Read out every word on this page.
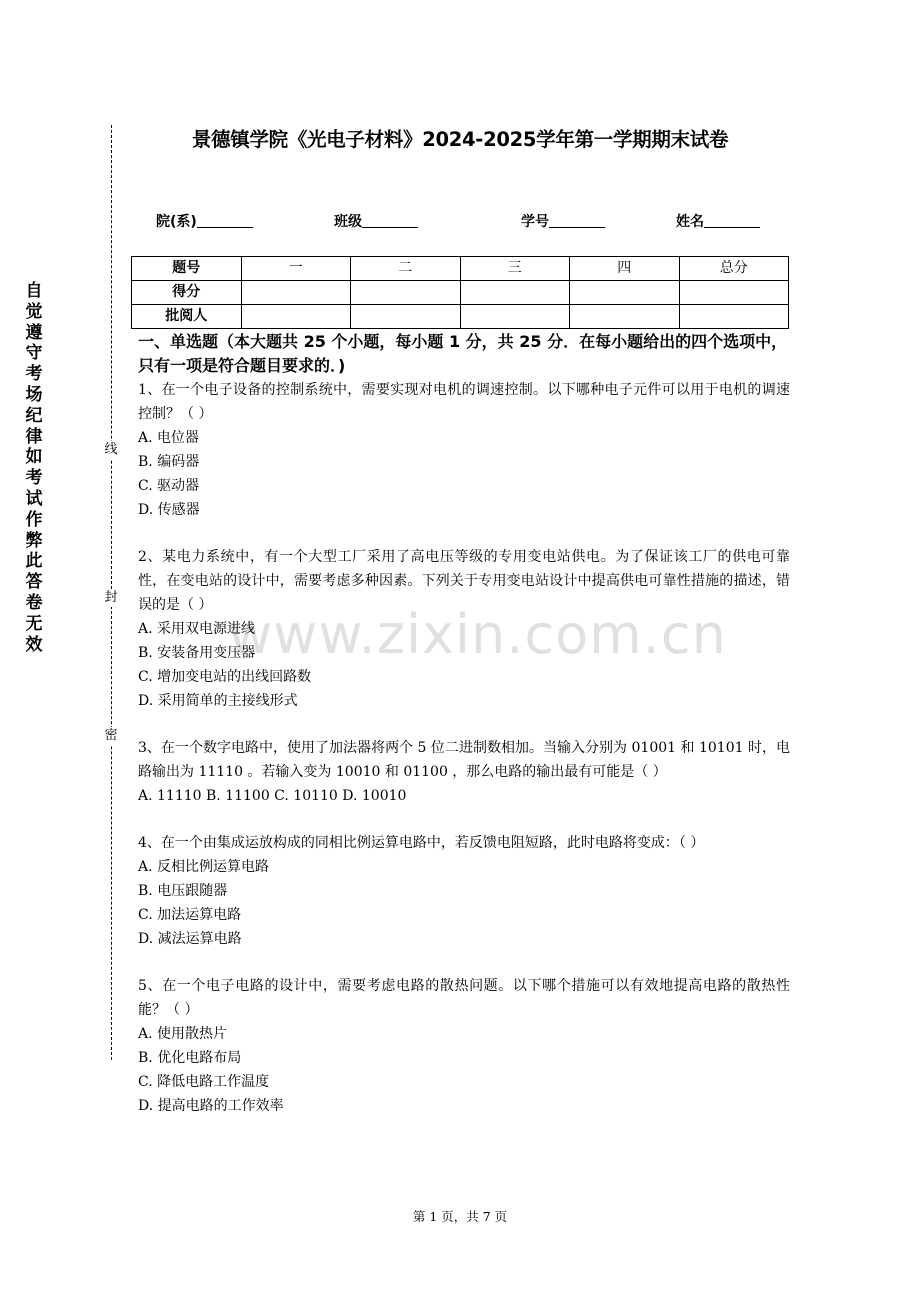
自觉遵守考场纪律如考试作弊此答卷无效
线
封
密
景德镇学院《光电子材料》2024-2025学年第一学期期末试卷
院(系)	班级	学号	姓名
题号	一	二	三	四	总分
得分					
批阅人					
一、单选题（本大题共 25 个小题，每小题 1 分，共 25 分．在每小题给出的四个选项中，只有一项是符合题目要求的．)
1、在一个电子设备的控制系统中，需要实现对电机的调速控制。以下哪种电子元件可以用于电机的调速控制？（ ）
A. 电位器
B. 编码器
C. 驱动器
D. 传感器
2、某电力系统中，有一个大型工厂采用了高电压等级的专用变电站供电。为了保证该工厂的供电可靠性，在变电站的设计中，需要考虑多种因素。下列关于专用变电站设计中提高供电可靠性措施的描述，错误的是（ ）
A. 采用双电源进线
B. 安装备用变压器
C. 增加变电站的出线回路数
D. 采用简单的主接线形式
3、在一个数字电路中，使用了加法器将两个 5 位二进制数相加。当输入分别为 01001 和 10101 时，电路输出为 11110 。若输入变为 10010 和 01100 ，那么电路的输出最有可能是（ ）
A. 11110 B. 11100 C. 10110 D. 10010
4、在一个由集成运放构成的同相比例运算电路中，若反馈电阻短路，此时电路将变成：（ ）
A. 反相比例运算电路
B. 电压跟随器
C. 加法运算电路
D. 减法运算电路
5、在一个电子电路的设计中，需要考虑电路的散热问题。以下哪个措施可以有效地提高电路的散热性能？（ ）
A. 使用散热片
B. 优化电路布局
C. 降低电路工作温度
D. 提高电路的工作效率
www.zixin.com.cn
第 1 页，共 7 页
